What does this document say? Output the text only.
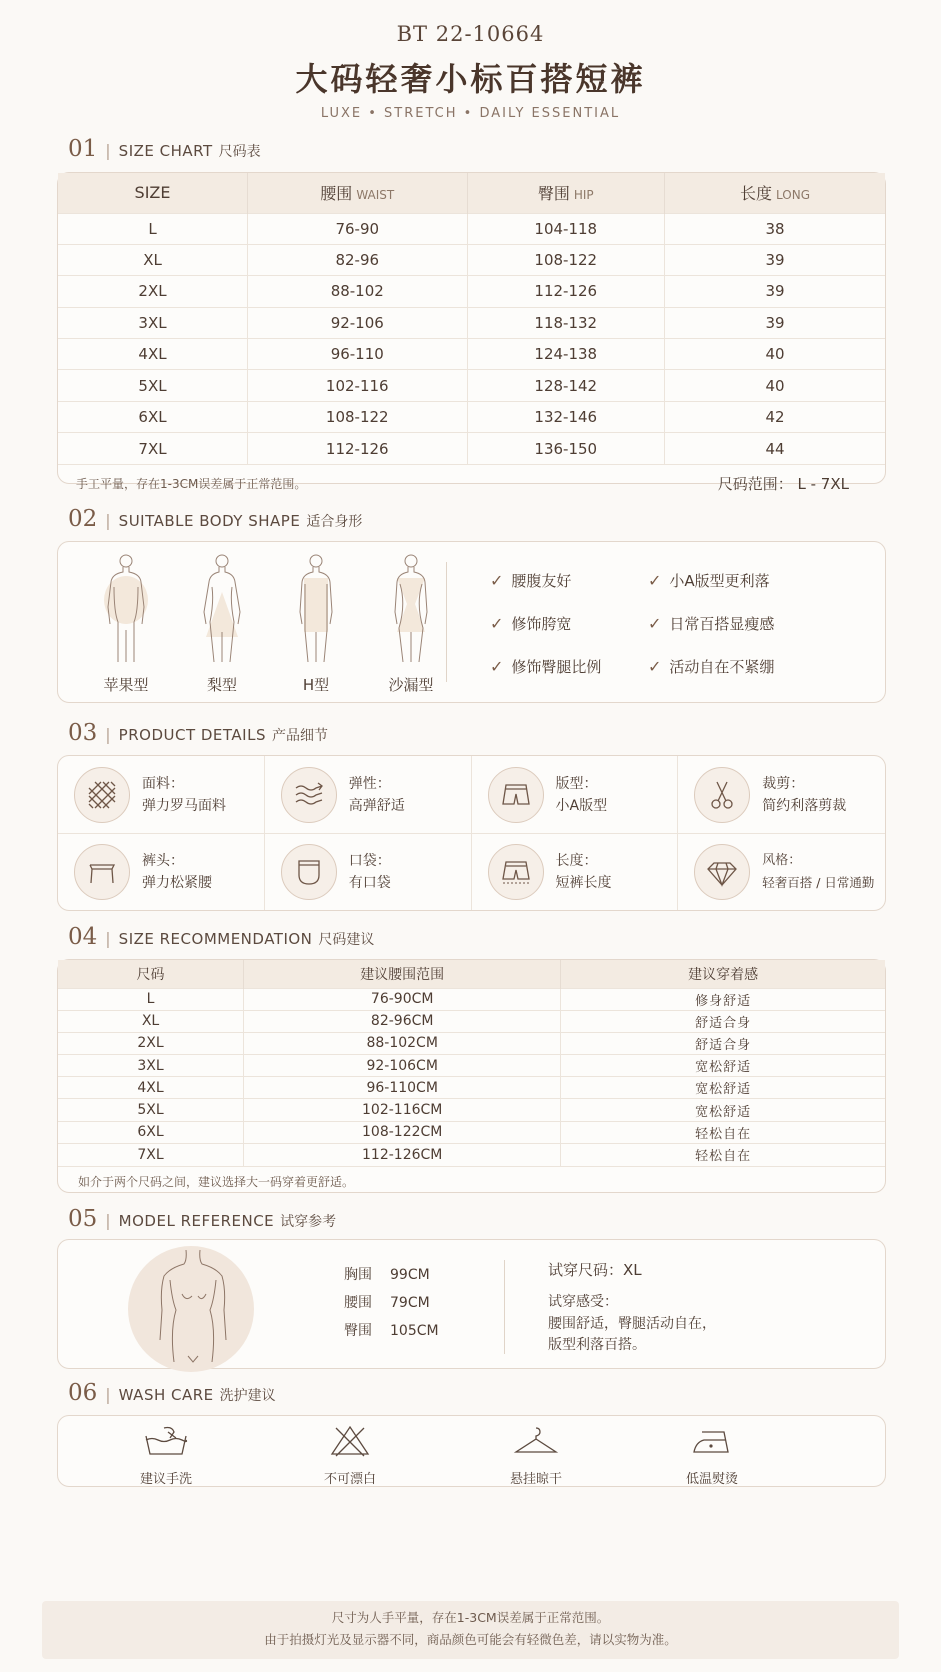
BT 22-10664
大码轻奢小标百搭短裤
LUXE • STRETCH • DAILY ESSENTIAL
01 | SIZE CHART 尺码表
SIZE	腰围 WAIST	臀围 HIP	长度 LONG
L	76-90	104-118	38
XL	82-96	108-122	39
2XL	88-102	112-126	39
3XL	92-106	118-132	39
4XL	96-110	124-138	40
5XL	102-116	128-142	40
6XL	108-122	132-146	42
7XL	112-126	136-150	44
手工平量，存在1-3CM误差属于正常范围。	尺码范围： L - 7XL
02 | SUITABLE BODY SHAPE 适合身形
苹果型	梨型	H型	沙漏型
✓ 腰腹友好	✓ 小A版型更利落
✓ 修饰胯宽	✓ 日常百搭显瘦感
✓ 修饰臀腿比例	✓ 活动自在不紧绷
03 | PRODUCT DETAILS 产品细节
面料：
弹力罗马面料
弹性：
高弹舒适
版型：
小A版型
裁剪：
简约利落剪裁
裤头：
弹力松紧腰
口袋：
有口袋
长度：
短裤长度
风格：
轻奢百搭 / 日常通勤
04 | SIZE RECOMMENDATION 尺码建议
尺码	建议腰围范围	建议穿着感
L	76-90CM	修身舒适
XL	82-96CM	舒适合身
2XL	88-102CM	舒适合身
3XL	92-106CM	宽松舒适
4XL	96-110CM	宽松舒适
5XL	102-116CM	宽松舒适
6XL	108-122CM	轻松自在
7XL	112-126CM	轻松自在
如介于两个尺码之间，建议选择大一码穿着更舒适。
05 | MODEL REFERENCE 试穿参考
胸围 99CM
腰围 79CM
臀围 105CM
试穿尺码：XL
试穿感受：
腰围舒适，臀腿活动自在，
版型利落百搭。
06 | WASH CARE 洗护建议
建议手洗	不可漂白	悬挂晾干	低温熨烫
尺寸为人手平量，存在1-3CM误差属于正常范围。
由于拍摄灯光及显示器不同，商品颜色可能会有轻微色差，请以实物为准。
